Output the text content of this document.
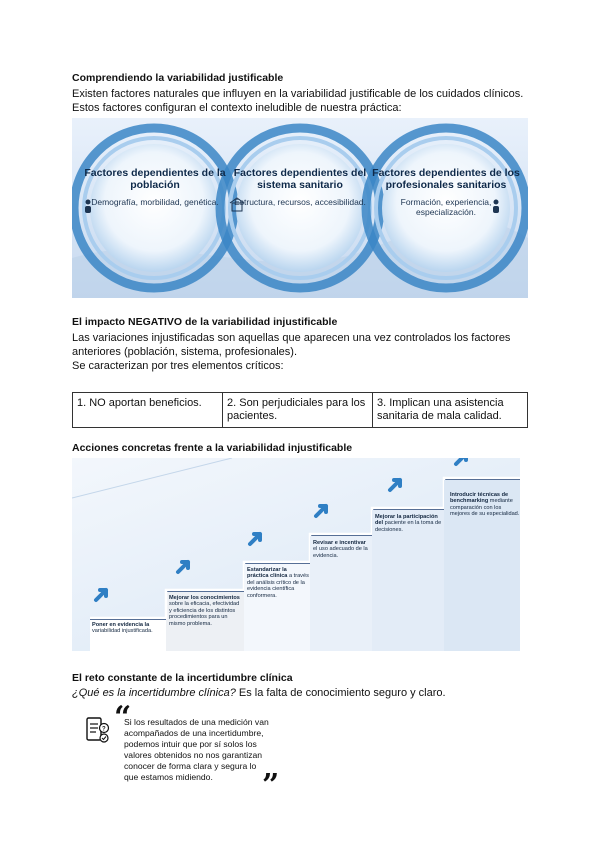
Comprendiendo la variabilidad justificable
Existen factores naturales que influyen en la variabilidad justificable de los cuidados clínicos.
Estos factores configuran el contexto ineludible de nuestra práctica:
Factores dependientes de la población
Demografía, morbilidad, genética.
Factores dependientes del sistema sanitario
Estructura, recursos, accesibilidad.
Factores dependientes de los profesionales sanitarios
Formación, experiencia, especialización.
El impacto NEGATIVO de la variabilidad injustificable
Las variaciones injustificadas son aquellas que aparecen una vez controlados los factores
anteriores (población, sistema, profesionales).
Se caracterizan por tres elementos críticos:
1. NO aportan beneficios.	2. Son perjudiciales para los pacientes.	3. Implican una asistencia sanitaria de mala calidad.
Acciones concretas frente a la variabilidad injustificable
Poner en evidencia la variabilidad injustificada.
Mejorar los conocimientos sobre la eficacia, efectividad y eficiencia de los distintos procedimientos para un mismo problema.
Estandarizar la práctica clínica a través del análisis crítico de la evidencia científica conformera.
Revisar e incentivar el uso adecuado de la evidencia.
Mejorar la participación del paciente en la toma de decisiones.
Introducir técnicas de benchmarking mediante comparación con los mejores de su especialidad.
El reto constante de la incertidumbre clínica
¿Qué es la incertidumbre clínica? Es la falta de conocimiento seguro y claro.
? “
Si los resultados de una medición van
acompañados de una incertidumbre,
podemos intuir que por sí solos los
valores obtenidos no nos garantizan
conocer de forma clara y segura lo
que estamos midiendo.	”
